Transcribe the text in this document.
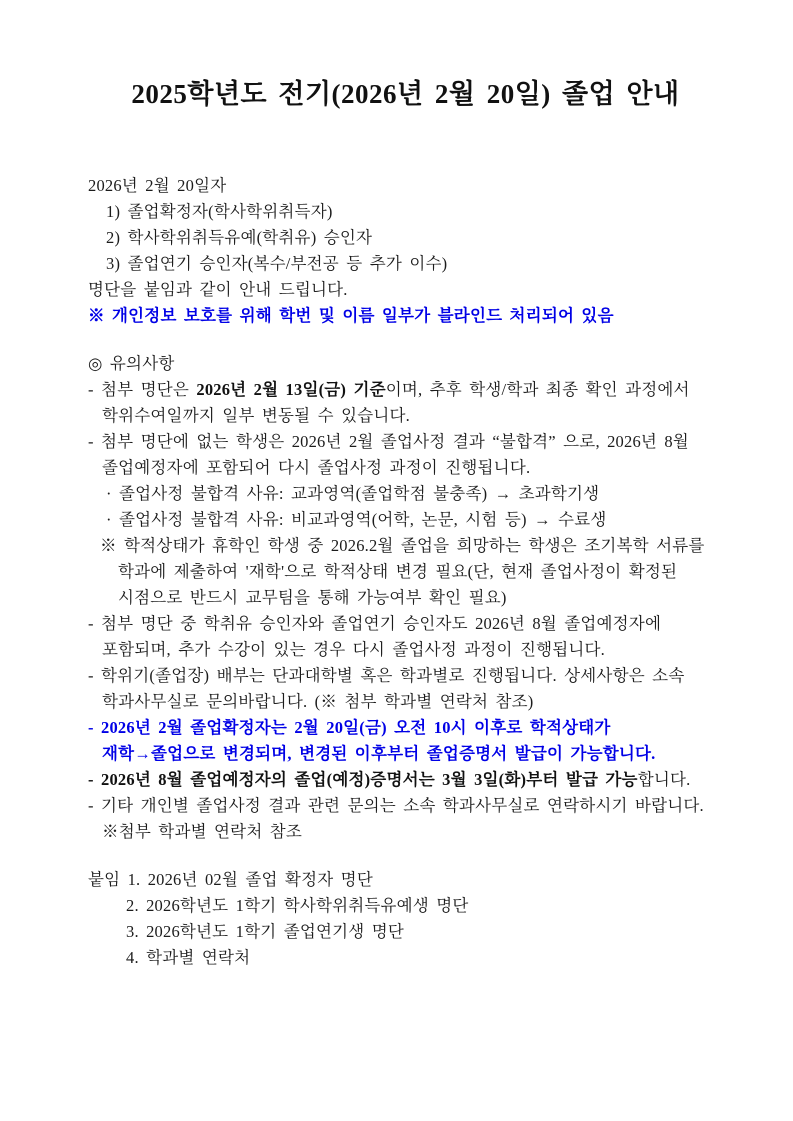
2025학년도 전기(2026년 2월 20일) 졸업 안내
2026년 2월 20일자
1) 졸업확정자(학사학위취득자)
2) 학사학위취득유예(학취유) 승인자
3) 졸업연기 승인자(복수/부전공 등 추가 이수)
명단을 붙임과 같이 안내 드립니다.
※ 개인정보 보호를 위해 학번 및 이름 일부가 블라인드 처리되어 있음
◎ 유의사항
- 첨부 명단은 2026년 2월 13일(금) 기준이며, 추후 학생/학과 최종 확인 과정에서
학위수여일까지 일부 변동될 수 있습니다.
- 첨부 명단에 없는 학생은 2026년 2월 졸업사정 결과 “불합격” 으로, 2026년 8월
졸업예정자에 포함되어 다시 졸업사정 과정이 진행됩니다.
· 졸업사정 불합격 사유: 교과영역(졸업학점 불충족) → 초과학기생
· 졸업사정 불합격 사유: 비교과영역(어학, 논문, 시험 등) → 수료생
※ 학적상태가 휴학인 학생 중 2026.2월 졸업을 희망하는 학생은 조기복학 서류를
학과에 제출하여 '재학'으로 학적상태 변경 필요(단, 현재 졸업사정이 확정된
시점으로 반드시 교무팀을 통해 가능여부 확인 필요)
- 첨부 명단 중 학취유 승인자와 졸업연기 승인자도 2026년 8월 졸업예정자에
포함되며, 추가 수강이 있는 경우 다시 졸업사정 과정이 진행됩니다.
- 학위기(졸업장) 배부는 단과대학별 혹은 학과별로 진행됩니다. 상세사항은 소속
학과사무실로 문의바랍니다. (※ 첨부 학과별 연락처 참조)
- 2026년 2월 졸업확정자는 2월 20일(금) 오전 10시 이후로 학적상태가
재학→졸업으로 변경되며, 변경된 이후부터 졸업증명서 발급이 가능합니다.
- 2026년 8월 졸업예정자의 졸업(예정)증명서는 3월 3일(화)부터 발급 가능합니다.
- 기타 개인별 졸업사정 결과 관련 문의는 소속 학과사무실로 연락하시기 바랍니다.
※첨부 학과별 연락처 참조
붙임 1. 2026년 02월 졸업 확정자 명단
2. 2026학년도 1학기 학사학위취득유예생 명단
3. 2026학년도 1학기 졸업연기생 명단
4. 학과별 연락처
